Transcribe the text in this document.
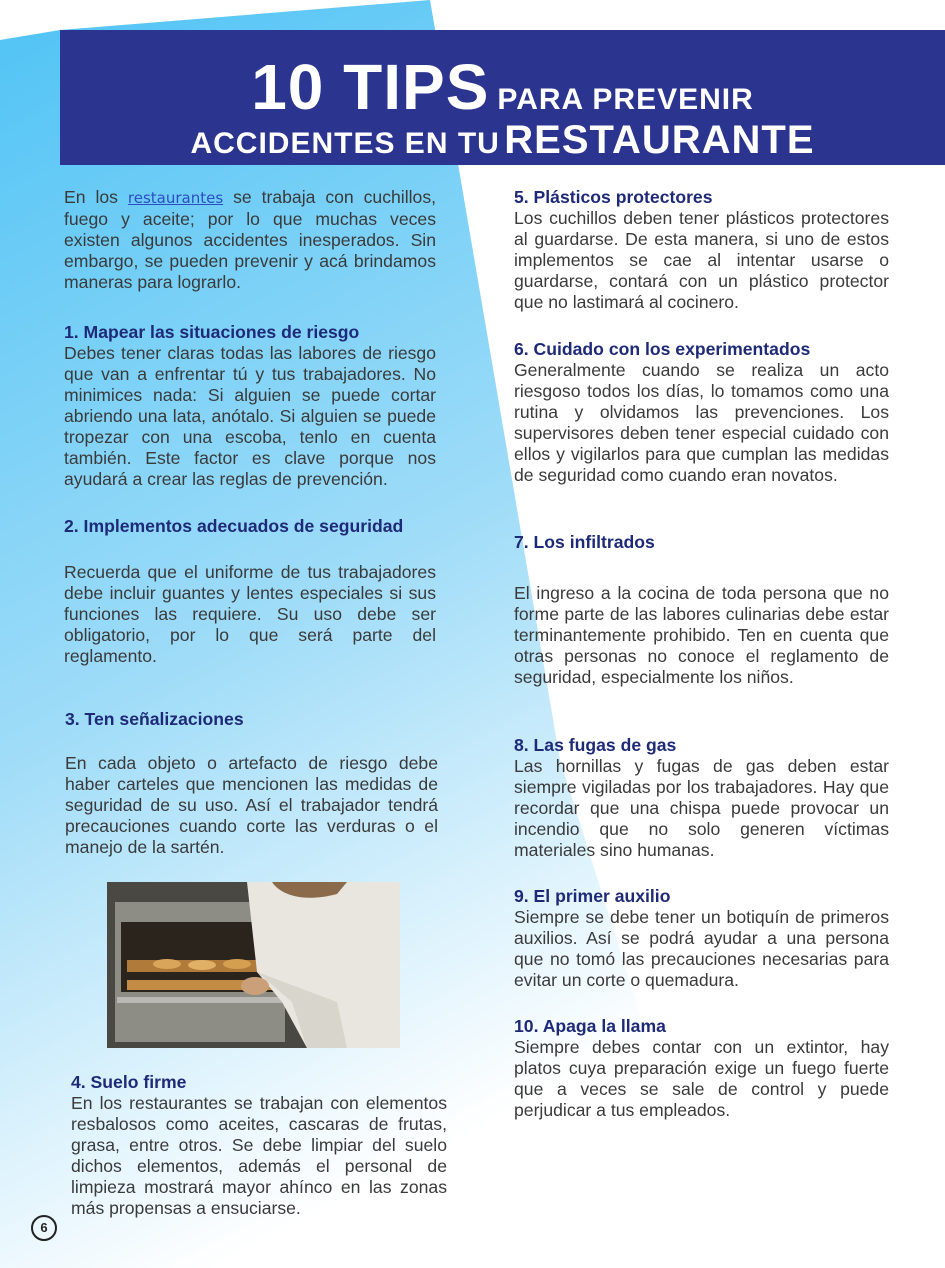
10 TIPS PARA PREVENIR
ACCIDENTES EN TU RESTAURANTE

En los restaurantes se trabaja con cuchillos, fuego y aceite; por lo que muchas veces existen algunos accidentes inesperados. Sin embargo, se pueden prevenir y acá brindamos maneras para lograrlo.

1. Mapear las situaciones de riesgo

Debes tener claras todas las labores de riesgo que van a enfrentar tú y tus trabajadores. No minimices nada: Si alguien se puede cortar abriendo una lata, anótalo. Si alguien se puede tropezar con una escoba, tenlo en cuenta también. Este factor es clave porque nos ayudará a crear las reglas de prevención.

2. Implementos adecuados de seguridad

Recuerda que el uniforme de tus trabajadores debe incluir guantes y lentes especiales si sus funciones las requiere. Su uso debe ser obligatorio, por lo que será parte del reglamento.

3. Ten señalizaciones

En cada objeto o artefacto de riesgo debe haber carteles que mencionen las medidas de seguridad de su uso. Así el trabajador tendrá precauciones cuando corte las verduras o el manejo de la sartén.

4. Suelo firme

En los restaurantes se trabajan con elementos resbalosos como aceites, cascaras de frutas, grasa, entre otros. Se debe limpiar del suelo dichos elementos, además el personal de limpieza mostrará mayor ahínco en las zonas más propensas a ensuciarse.

5. Plásticos protectores

Los cuchillos deben tener plásticos protectores al guardarse. De esta manera, si uno de estos implementos se cae al intentar usarse o guardarse, contará con un plástico protector que no lastimará al cocinero.

6. Cuidado con los experimentados

Generalmente cuando se realiza un acto riesgoso todos los días, lo tomamos como una rutina y olvidamos las prevenciones. Los supervisores deben tener especial cuidado con ellos y vigilarlos para que cumplan las medidas de seguridad como cuando eran novatos.

7. Los infiltrados

El ingreso a la cocina de toda persona que no forme parte de las labores culinarias debe estar terminantemente prohibido. Ten en cuenta que otras personas no conoce el reglamento de seguridad, especialmente los niños.

8. Las fugas de gas

Las hornillas y fugas de gas deben estar siempre vigiladas por los trabajadores. Hay que recordar que una chispa puede provocar un incendio que no solo generen víctimas materiales sino humanas.

9. El primer auxilio

Siempre se debe tener un botiquín de primeros auxilios. Así se podrá ayudar a una persona que no tomó las precauciones necesarias para evitar un corte o quemadura.

10. Apaga la llama

Siempre debes contar con un extintor, hay platos cuya preparación exige un fuego fuerte que a veces se sale de control y puede perjudicar a tus empleados.

6
